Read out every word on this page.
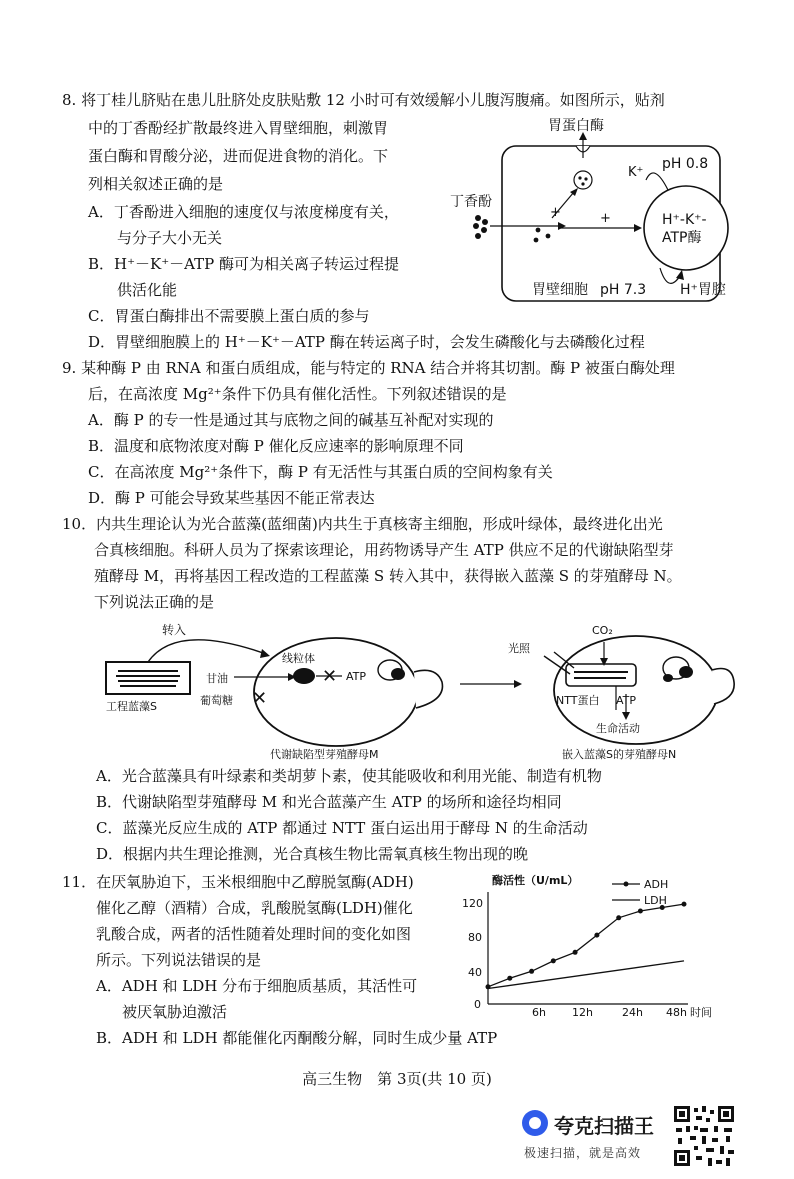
8. 将丁桂儿脐贴在患儿肚脐处皮肤贴敷 12 小时可有效缓解小儿腹泻腹痛。如图所示，贴剂
中的丁香酚经扩散最终进入胃壁细胞，刺激胃
蛋白酶和胃酸分泌，进而促进食物的消化。下
列相关叙述正确的是
A．丁香酚进入细胞的速度仅与浓度梯度有关，
与分子大小无关
B．H⁺－K⁺－ATP 酶可为相关离子转运过程提
供活化能
C．胃蛋白酶排出不需要膜上蛋白质的参与
D．胃壁细胞膜上的 H⁺－K⁺－ATP 酶在转运离子时，会发生磷酸化与去磷酸化过程
胃蛋白酶
K⁺
pH 0.8
丁香酚
+	+	H⁺-K⁺-
ATP酶
胃壁细胞 pH 7.3 H⁺胃腔
9. 某种酶 P 由 RNA 和蛋白质组成，能与特定的 RNA 结合并将其切割。酶 P 被蛋白酶处理
后，在高浓度 Mg²⁺条件下仍具有催化活性。下列叙述错误的是
A．酶 P 的专一性是通过其与底物之间的碱基互补配对实现的
B．温度和底物浓度对酶 P 催化反应速率的影响原理不同
C．在高浓度 Mg²⁺条件下，酶 P 有无活性与其蛋白质的空间构象有关
D．酶 P 可能会导致某些基因不能正常表达
10．内共生理论认为光合蓝藻(蓝细菌)内共生于真核寄主细胞，形成叶绿体，最终进化出光
合真核细胞。科研人员为了探索该理论，用药物诱导产生 ATP 供应不足的代谢缺陷型芽
殖酵母 M，再将基因工程改造的工程蓝藻 S 转入其中，获得嵌入蓝藻 S 的芽殖酵母 N。
下列说法正确的是
✕
✕
转入
工程蓝藻S
甘油
葡萄糖
线粒体
ATP
代谢缺陷型芽殖酵母M
CO₂
光照
NTT蛋白 ATP
生命活动
嵌入蓝藻S的芽殖酵母N
A．光合蓝藻具有叶绿素和类胡萝卜素，使其能吸收和利用光能、制造有机物
B．代谢缺陷型芽殖酵母 M 和光合蓝藻产生 ATP 的场所和途径均相同
C．蓝藻光反应生成的 ATP 都通过 NTT 蛋白运出用于酵母 N 的生命活动
D．根据内共生理论推测，光合真核生物比需氧真核生物出现的晚
11．在厌氧胁迫下，玉米根细胞中乙醇脱氢酶(ADH)
催化乙醇（酒精）合成，乳酸脱氢酶(LDH)催化
乳酸合成，两者的活性随着处理时间的变化如图
所示。下列说法错误的是
A．ADH 和 LDH 分布于细胞质基质，其活性可
被厌氧胁迫激活
B．ADH 和 LDH 都能催化丙酮酸分解，同时生成少量 ATP
酶活性（U/mL）
0
40
80
120
6h 12h	24h 48h 时间
ADH
LDH
高三生物　第 3页(共 10 页)
夸克扫描王
极速扫描，就是高效
